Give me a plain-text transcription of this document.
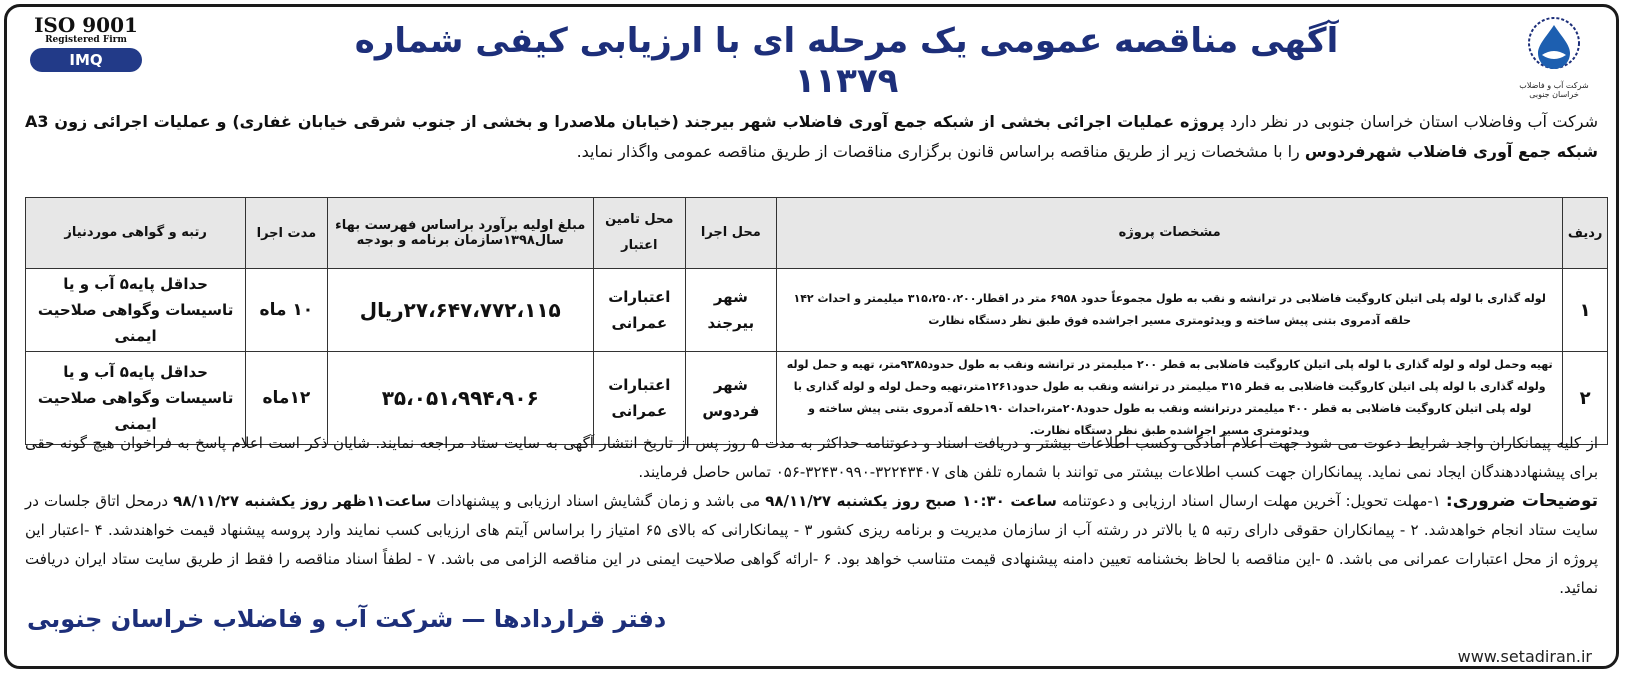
ISO 9001
Registered Firm
IMQ	آگهی مناقصه عمومی یک مرحله ای با ارزیابی کیفی شماره ۱۱۳۷۹	شرکت آب و فاضلاب خراسان جنوبی
شرکت آب وفاضلاب استان خراسان جنوبی در نظر دارد پروژه عملیات اجرائی بخشی از شبکه جمع آوری فاضلاب شهر بیرجند (خیابان ملاصدرا و بخشی از جنوب شرقی خیابان غفاری) و عملیات اجرائی زون A3 شبکه جمع آوری فاضلاب شهرفردوس را با مشخصات زیر از طریق مناقصه براساس قانون برگزاری مناقصات از طریق مناقصه عمومی واگذار نماید.
ردیف	مشخصات پروژه	محل اجرا	محل تامین اعتبار	مبلغ اولیه برآورد براساس فهرست بهاء سال۱۳۹۸سازمان برنامه و بودجه	مدت اجرا	رتبه و گواهی موردنیاز
۱	لوله گذاری با لوله پلی اتیلن کاروگیت فاضلابی در ترانشه و نقب به طول مجموعاً حدود ۶۹۵۸ متر در اقطار۳۱۵،۲۵۰،۲۰۰ میلیمتر و احداث ۱۴۲ حلقه آدمروی بتنی پیش ساخته و ویدئومتری مسیر اجراشده فوق طبق نظر دستگاه نظارت	شهر بیرجند	اعتبارات عمرانی	۲۷،۶۴۷،۷۷۲،۱۱۵ریال	۱۰ ماه	حداقل پایه۵ آب و یا تاسیسات وگواهی صلاحیت ایمنی
۲	تهیه وحمل لوله و لوله گذاری با لوله پلی اتیلن کاروگیت فاضلابی به قطر ۲۰۰ میلیمتر در ترانشه ونقب به طول حدود۹۳۸۵متر، تهیه و حمل لوله ولوله گذاری با لوله پلی اتیلن کاروگیت فاضلابی به قطر ۳۱۵ میلیمتر در ترانشه ونقب به طول حدود۱۲۶۱متر،تهیه وحمل لوله و لوله گذاری با لوله پلی اتیلن کاروگیت فاضلابی به قطر ۴۰۰ میلیمتر درترانشه ونقب به طول حدود۲۰۸متر،احداث ۱۹۰حلقه آدمروی بتنی پیش ساخته و ویدئومتری مسیر اجراشده طبق نظر دستگاه نظارت.	شهر فردوس	اعتبارات عمرانی	۳۵،۰۵۱،۹۹۴،۹۰۶	۱۲ماه	حداقل پایه۵ آب و یا تاسیسات وگواهی صلاحیت ایمنی
از کلیه پیمانکاران واجد شرایط دعوت می شود جهت اعلام آمادگی وکسب اطلاعات بیشتر و دریافت اسناد و دعوتنامه حداکثر به مدت ۵ روز پس از تاریخ انتشار آگهی به سایت ستاد مراجعه نمایند. شایان ذکر است اعلام پاسخ به فراخوان هیچ گونه حقی برای پیشنهاددهندگان ایجاد نمی نماید. پیمانکاران جهت کسب اطلاعات بیشتر می توانند با شماره تلفن های ۳۲۲۴۳۴۰۷-۳۲۴۳۰۹۹۰-۰۵۶ تماس حاصل فرمایند.
توضیحات ضروری: ۱-مهلت تحویل: آخرین مهلت ارسال اسناد ارزیابی و دعوتنامه ساعت ۱۰:۳۰ صبح روز یکشنبه ۹۸/۱۱/۲۷ می باشد و زمان گشایش اسناد ارزیابی و پیشنهادات ساعت۱۱ظهر روز یکشنبه ۹۸/۱۱/۲۷ درمحل اتاق جلسات در سایت ستاد انجام خواهدشد. ۲ - پیمانکاران حقوقی دارای رتبه ۵ یا بالاتر در رشته آب از سازمان مدیریت و برنامه ریزی کشور ۳ - پیمانکارانی که بالای ۶۵ امتیاز را براساس آیتم های ارزیابی کسب نمایند وارد پروسه پیشنهاد قیمت خواهندشد. ۴ -اعتبار این پروژه از محل اعتبارات عمرانی می باشد. ۵ -این مناقصه با لحاظ بخشنامه تعیین دامنه پیشنهادی قیمت متناسب خواهد بود. ۶ -ارائه گواهی صلاحیت ایمنی در این مناقصه الزامی می باشد. ۷ - لطفاً اسناد مناقصه را فقط از طریق سایت ستاد ایران دریافت نمائید.
دفتر قراردادها — شرکت آب و فاضلاب خراسان جنوبی
www.setadiran.ir
